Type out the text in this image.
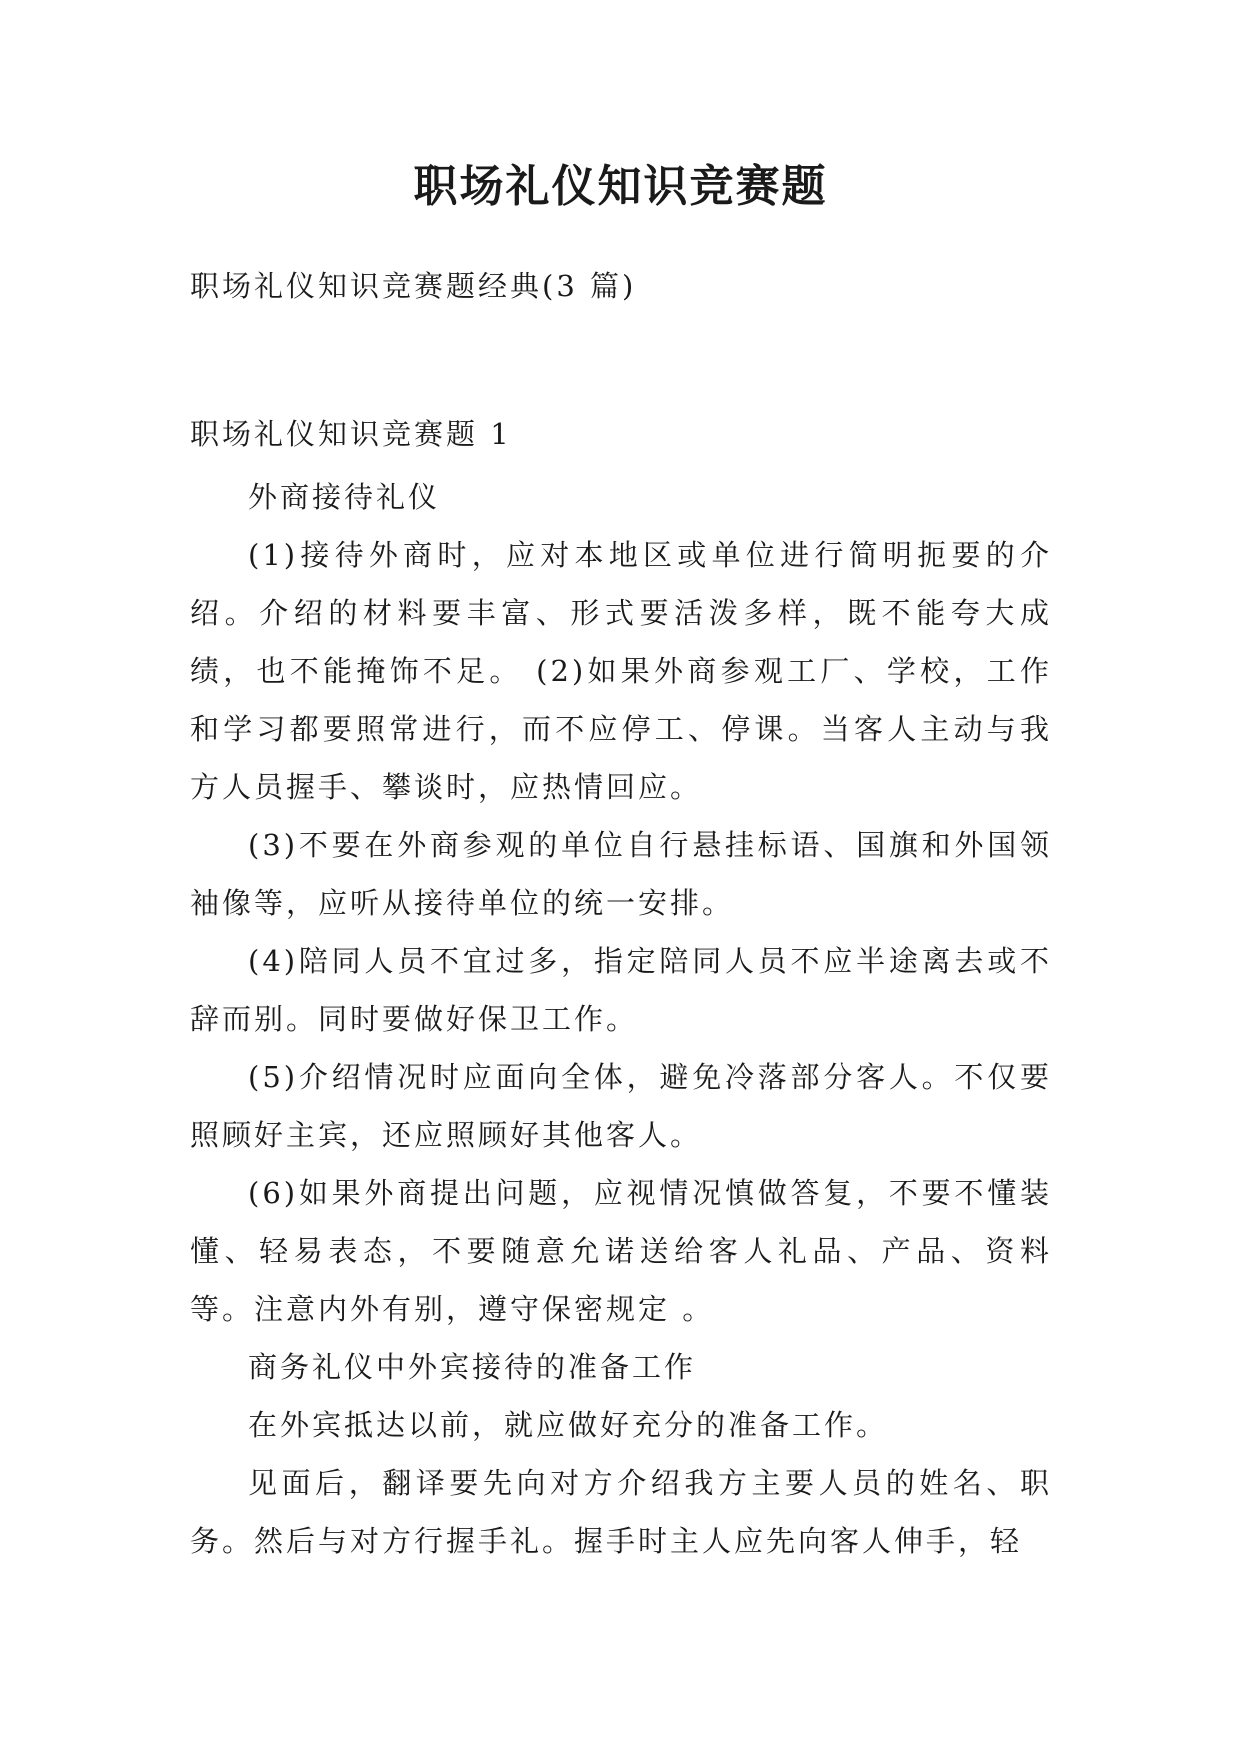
职场礼仪知识竞赛题

职场礼仪知识竞赛题经典(3 篇)

职场礼仪知识竞赛题 1

外商接待礼仪

(1)接待外商时，应对本地区或单位进行简明扼要的介绍。介绍的材料要丰富、形式要活泼多样，既不能夸大成绩，也不能掩饰不足。 (2)如果外商参观工厂、学校，工作和学习都要照常进行，而不应停工、停课。当客人主动与我方人员握手、攀谈时，应热情回应。

(3)不要在外商参观的单位自行悬挂标语、国旗和外国领袖像等，应听从接待单位的统一安排。

(4)陪同人员不宜过多，指定陪同人员不应半途离去或不辞而别。同时要做好保卫工作。

(5)介绍情况时应面向全体，避免冷落部分客人。不仅要照顾好主宾，还应照顾好其他客人。

(6)如果外商提出问题，应视情况慎做答复，不要不懂装懂、轻易表态，不要随意允诺送给客人礼品、产品、资料等。注意内外有别，遵守保密规定 。

商务礼仪中外宾接待的准备工作

在外宾抵达以前，就应做好充分的准备工作。

见面后，翻译要先向对方介绍我方主要人员的姓名、职务。然后与对方行握手礼。握手时主人应先向客人伸手，轻
